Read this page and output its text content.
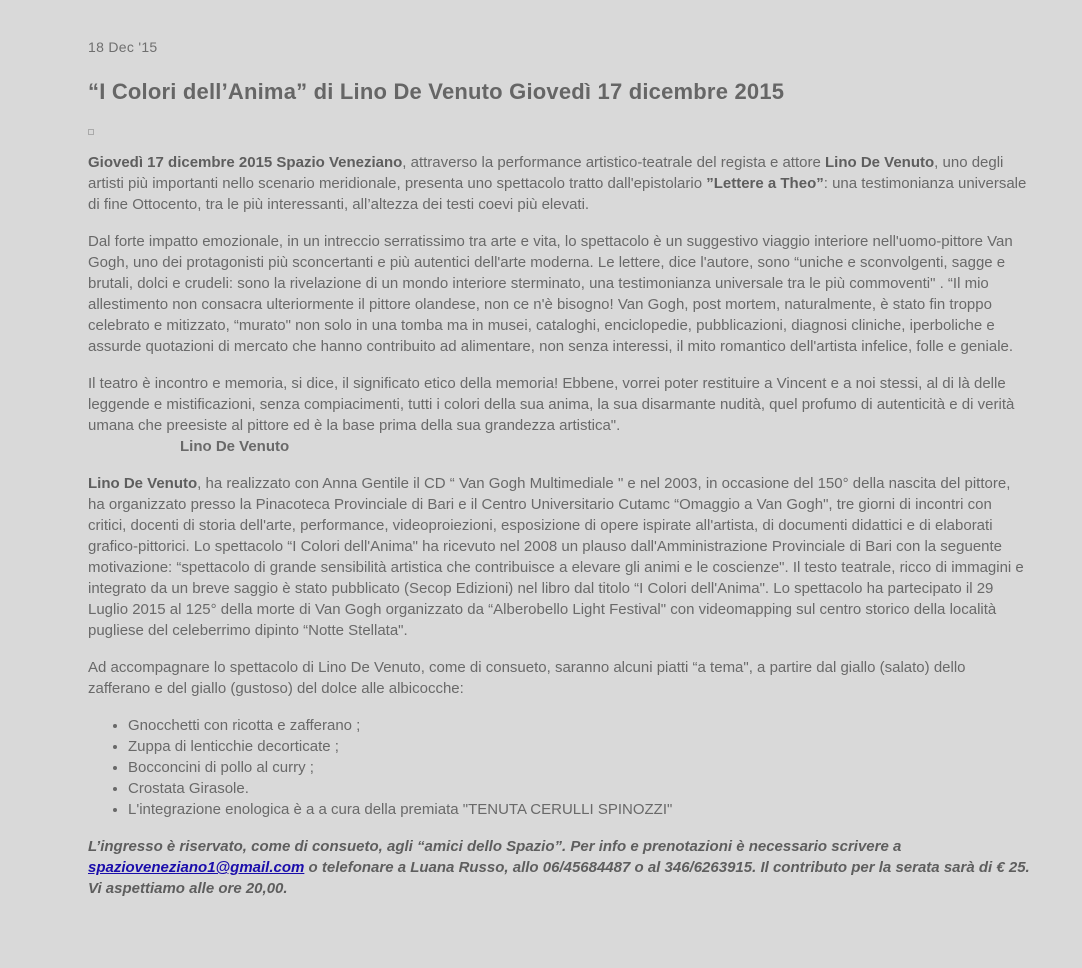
18 Dec '15
“I Colori dell’Anima” di Lino De Venuto Giovedì 17 dicembre 2015

Giovedì 17 dicembre 2015 Spazio Veneziano, attraverso la performance artistico-teatrale del regista e attore Lino De Venuto, uno degli artisti più importanti nello scenario meridionale, presenta uno spettacolo tratto dall'epistolario ”Lettere a Theo”: una testimonianza universale di fine Ottocento, tra le più interessanti, all’altezza dei testi coevi più elevati.

Dal forte impatto emozionale, in un intreccio serratissimo tra arte e vita, lo spettacolo è un suggestivo viaggio interiore nell'uomo-pittore Van Gogh, uno dei protagonisti più sconcertanti e più autentici dell'arte moderna. Le lettere, dice l'autore, sono “uniche e sconvolgenti, sagge e brutali, dolci e crudeli: sono la rivelazione di un mondo interiore sterminato, una testimonianza universale tra le più commoventi" . “Il mio allestimento non consacra ulteriormente il pittore olandese, non ce n'è bisogno! Van Gogh, post mortem, naturalmente, è stato fin troppo celebrato e mitizzato, “murato" non solo in una tomba ma in musei, cataloghi, enciclopedie, pubblicazioni, diagnosi cliniche, iperboliche e assurde quotazioni di mercato che hanno contribuito ad alimentare, non senza interessi, il mito romantico dell'artista infelice, folle e geniale.

Il teatro è incontro e memoria, si dice, il significato etico della memoria! Ebbene, vorrei poter restituire a Vincent e a noi stessi, al di là delle leggende e mistificazioni, senza compiacimenti, tutti i colori della sua anima, la sua disarmante nudità, quel profumo di autenticità e di verità umana che preesiste al pittore ed è la base prima della sua grandezza artistica".

Lino De Venuto

Lino De Venuto, ha realizzato con Anna Gentile il CD “ Van Gogh Multimediale " e nel 2003, in occasione del 150° della nascita del pittore, ha organizzato presso la Pinacoteca Provinciale di Bari e il Centro Universitario Cutamc “Omaggio a Van Gogh", tre giorni di incontri con critici, docenti di storia dell'arte, performance, videoproiezioni, esposizione di opere ispirate all'artista, di documenti didattici e di elaborati grafico-pittorici. Lo spettacolo “I Colori dell'Anima" ha ricevuto nel 2008 un plauso dall'Amministrazione Provinciale di Bari con la seguente motivazione: “spettacolo di grande sensibilità artistica che contribuisce a elevare gli animi e le coscienze". Il testo teatrale, ricco di immagini e integrato da un breve saggio è stato pubblicato (Secop Edizioni) nel libro dal titolo “I Colori dell'Anima". Lo spettacolo ha partecipato il 29 Luglio 2015 al 125° della morte di Van Gogh organizzato da “Alberobello Light Festival" con videomapping sul centro storico della località pugliese del celeberrimo dipinto “Notte Stellata".

Ad accompagnare lo spettacolo di Lino De Venuto, come di consueto, saranno alcuni piatti “a tema", a partire dal giallo (salato) dello zafferano e del giallo (gustoso) del dolce alle albicocche:

• Gnocchetti con ricotta e zafferano ;
• Zuppa di lenticchie decorticate ;
• Bocconcini di pollo al curry ;
• Crostata Girasole.
• L'integrazione enologica è a a cura della premiata "TENUTA CERULLI SPINOZZI"

L’ingresso è riservato, come di consueto, agli “amici dello Spazio”. Per info e prenotazioni è necessario scrivere a spazioveneziano1@gmail.com o telefonare a Luana Russo, allo 06/45684487 o al 346/6263915. Il contributo per la serata sarà di € 25.
Vi aspettiamo alle ore 20,00.
